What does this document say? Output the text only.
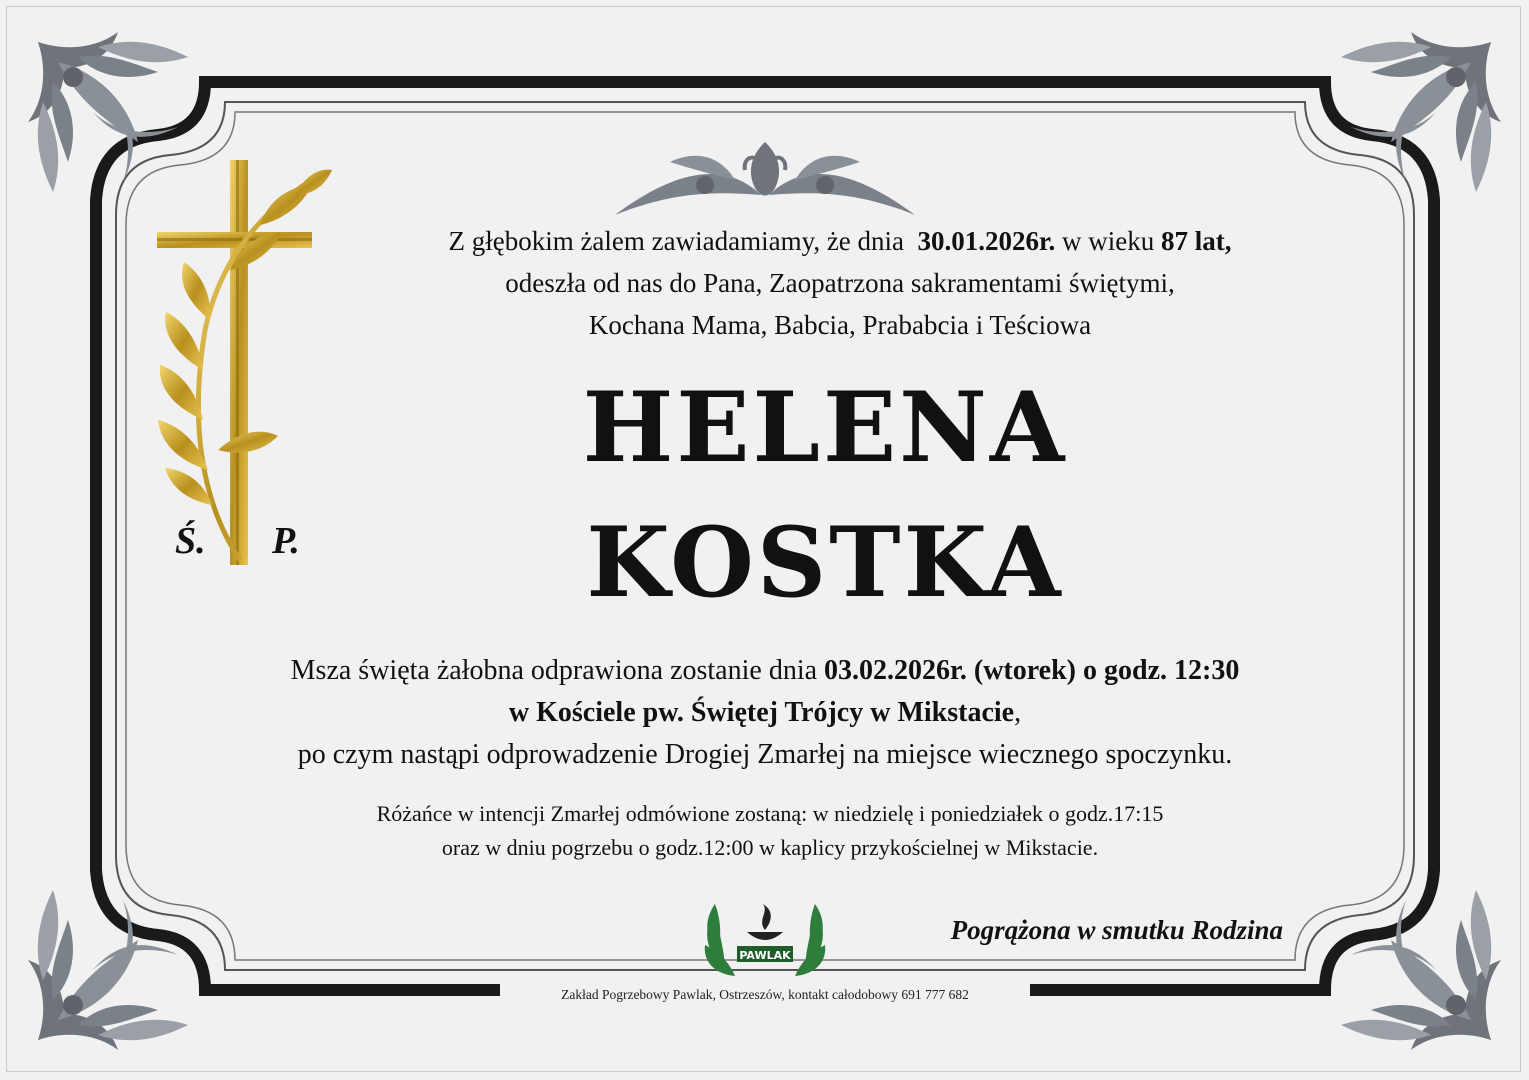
PAWLAK
Z głębokim żalem zawiadamiamy, że dnia 30.01.2026r. w wieku 87 lat,
odeszła od nas do Pana, Zaopatrzona sakramentami świętymi,
Kochana Mama, Babcia, Prababcia i Teściowa
Ś. P.
HELENA
KOSTKA
Msza święta żałobna odprawiona zostanie dnia 03.02.2026r. (wtorek) o godz. 12:30
w Kościele pw. Świętej Trójcy w Mikstacie,
po czym nastąpi odprowadzenie Drogiej Zmarłej na miejsce wiecznego spoczynku.
Różańce w intencji Zmarłej odmówione zostaną: w niedzielę i poniedziałek o godz.17:15
oraz w dniu pogrzebu o godz.12:00 w kaplicy przykościelnej w Mikstacie.
Pogrążona w smutku Rodzina
Zakład Pogrzebowy Pawlak, Ostrzeszów, kontakt całodobowy 691 777 682
